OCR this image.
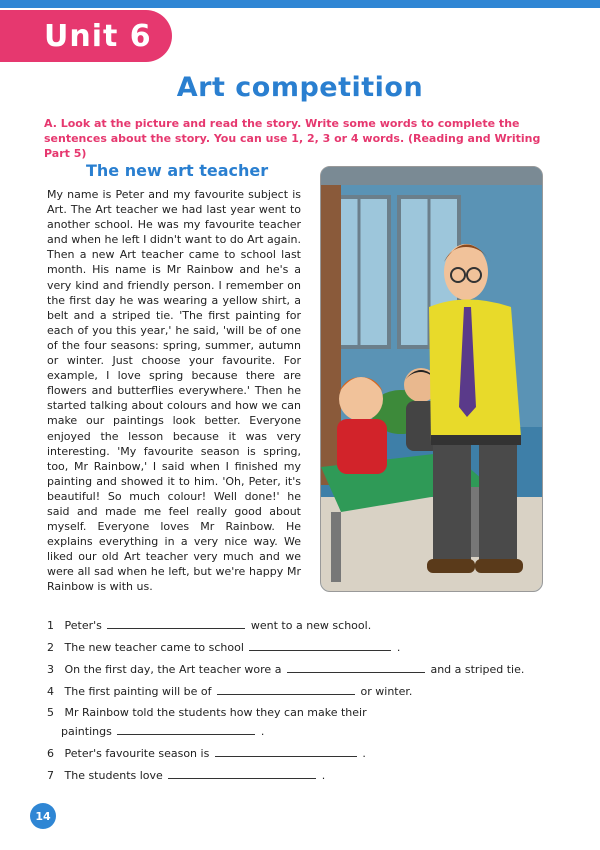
Unit 6
Art competition
A. Look at the picture and read the story. Write some words to complete the sentences about the story. You can use 1, 2, 3 or 4 words. (Reading and Writing Part 5)
The new art teacher
My name is Peter and my favourite subject is Art. The Art teacher we had last year went to another school. He was my favourite teacher and when he left I didn't want to do Art again. Then a new Art teacher came to school last month. His name is Mr Rainbow and he's a very kind and friendly person. I remember on the first day he was wearing a yellow shirt, a belt and a striped tie. 'The first painting for each of you this year,' he said, 'will be of one of the four seasons: spring, summer, autumn or winter. Just choose your favourite. For example, I love spring because there are flowers and butterflies everywhere.' Then he started talking about colours and how we can make our paintings look better. Everyone enjoyed the lesson because it was very interesting. 'My favourite season is spring, too, Mr Rainbow,' I said when I finished my painting and showed it to him. 'Oh, Peter, it's beautiful! So much colour! Well done!' he said and made me feel really good about myself. Everyone loves Mr Rainbow. He explains everything in a very nice way. We liked our old Art teacher very much and we were all sad when he left, but we're happy Mr Rainbow is with us.
1 Peter's	went to a new school.
2 The new teacher came to school	.
3 On the first day, the Art teacher wore a	and a striped tie.
4 The first painting will be of	or winter.
5 Mr Rainbow told the students how they can make their
paintings	.
6 Peter's favourite season is	.
7 The students love	.
14
